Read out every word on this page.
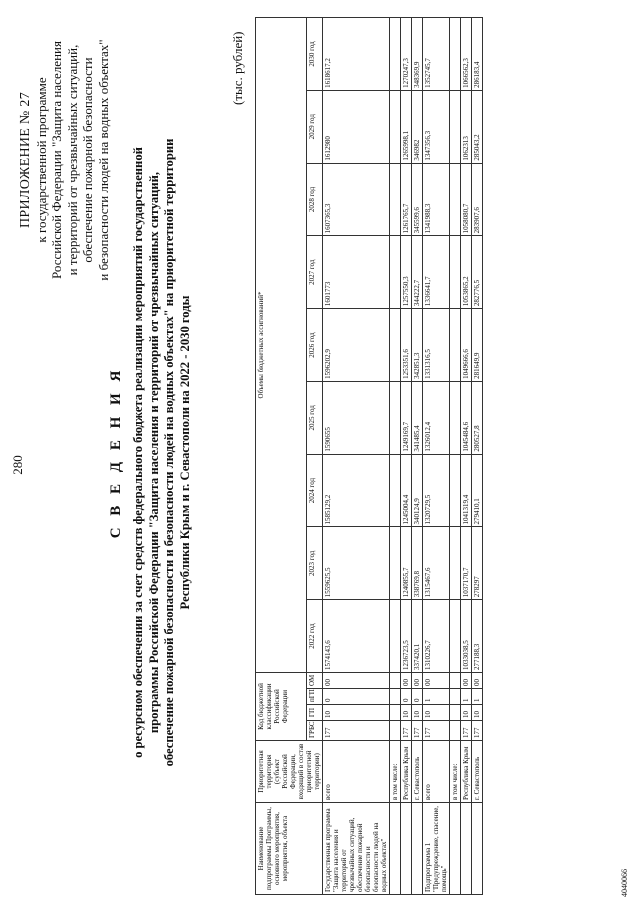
280
ПРИЛОЖЕНИЕ № 27 к государственной программе Российской Федерации "Защита населения и территорий от чрезвычайных ситуаций, обеспечение пожарной безопасности и безопасности людей на водных объектах"
С В Е Д Е Н И Я о ресурсном обеспечении за счет средств федерального бюджета реализации мероприятий государственной программы Российской Федерации "Защита населения и территорий от чрезвычайных ситуаций, обеспечение пожарной безопасности и безопасности людей на водных объектах" на приоритетной территории Республики Крым и г. Севастополи на 2022 - 2030 годы
(тыс. рублей)
Наименование подпрограммы Программы, основного мероприятия, мероприятия, объекта	Приоритетная территория (субъект Российской Федерации, входящий в состав приоритетной территории)	Код бюджетной классификации Российской Федерации				Объемы бюджетных ассигнований*								
		ГРБС	ГП	пГП	ОМ	2022 год	2023 год	2024 год	2025 год	2026 год	2027 год	2028 год	2029 год	2030 год
Государственная программа "Защита населения и территорий от чрезвычайных ситуаций, обеспечение пожарной безопасности и безопасности людей на водных объектах"	всего	177	10	0	00	1574143,6	1559625,5	1585129,2	1590655	1596202,9	1601773	1607365,3	1612980	1618617,2
	в том числе:													
	Республика Крым	177	10	0	00	1236723,5	1240855,7	1245004,4	1249169,7	1253351,6	1257550,3	1261765,7	1265998,1	1270247,3
	г. Севастополь	177	10	0	00	337420,1	338769,8	340124,9	341485,4	342851,3	344222,7	345599,6	346982	348369,9
Подпрограмма 1 "Предупреждение, спасение, помощь"	всего	177	10	1	00	1310226,7	1315467,6	1320729,5	1326012,4	1331316,5	1336641,7	1341988,3	1347356,3	1352745,7
	в том числе:													
	Республика Крым	177	10	1	00	1033038,5	1037170,7	1041319,4	1045484,6	1049666,6	1053865,2	1058080,7	1062313	1066562,3
	г. Севастополь	177	10	1	00	277188,3	278297	279410,1	280527,8	281649,9	282776,5	283907,6	285043,2	286183,4
4040066
